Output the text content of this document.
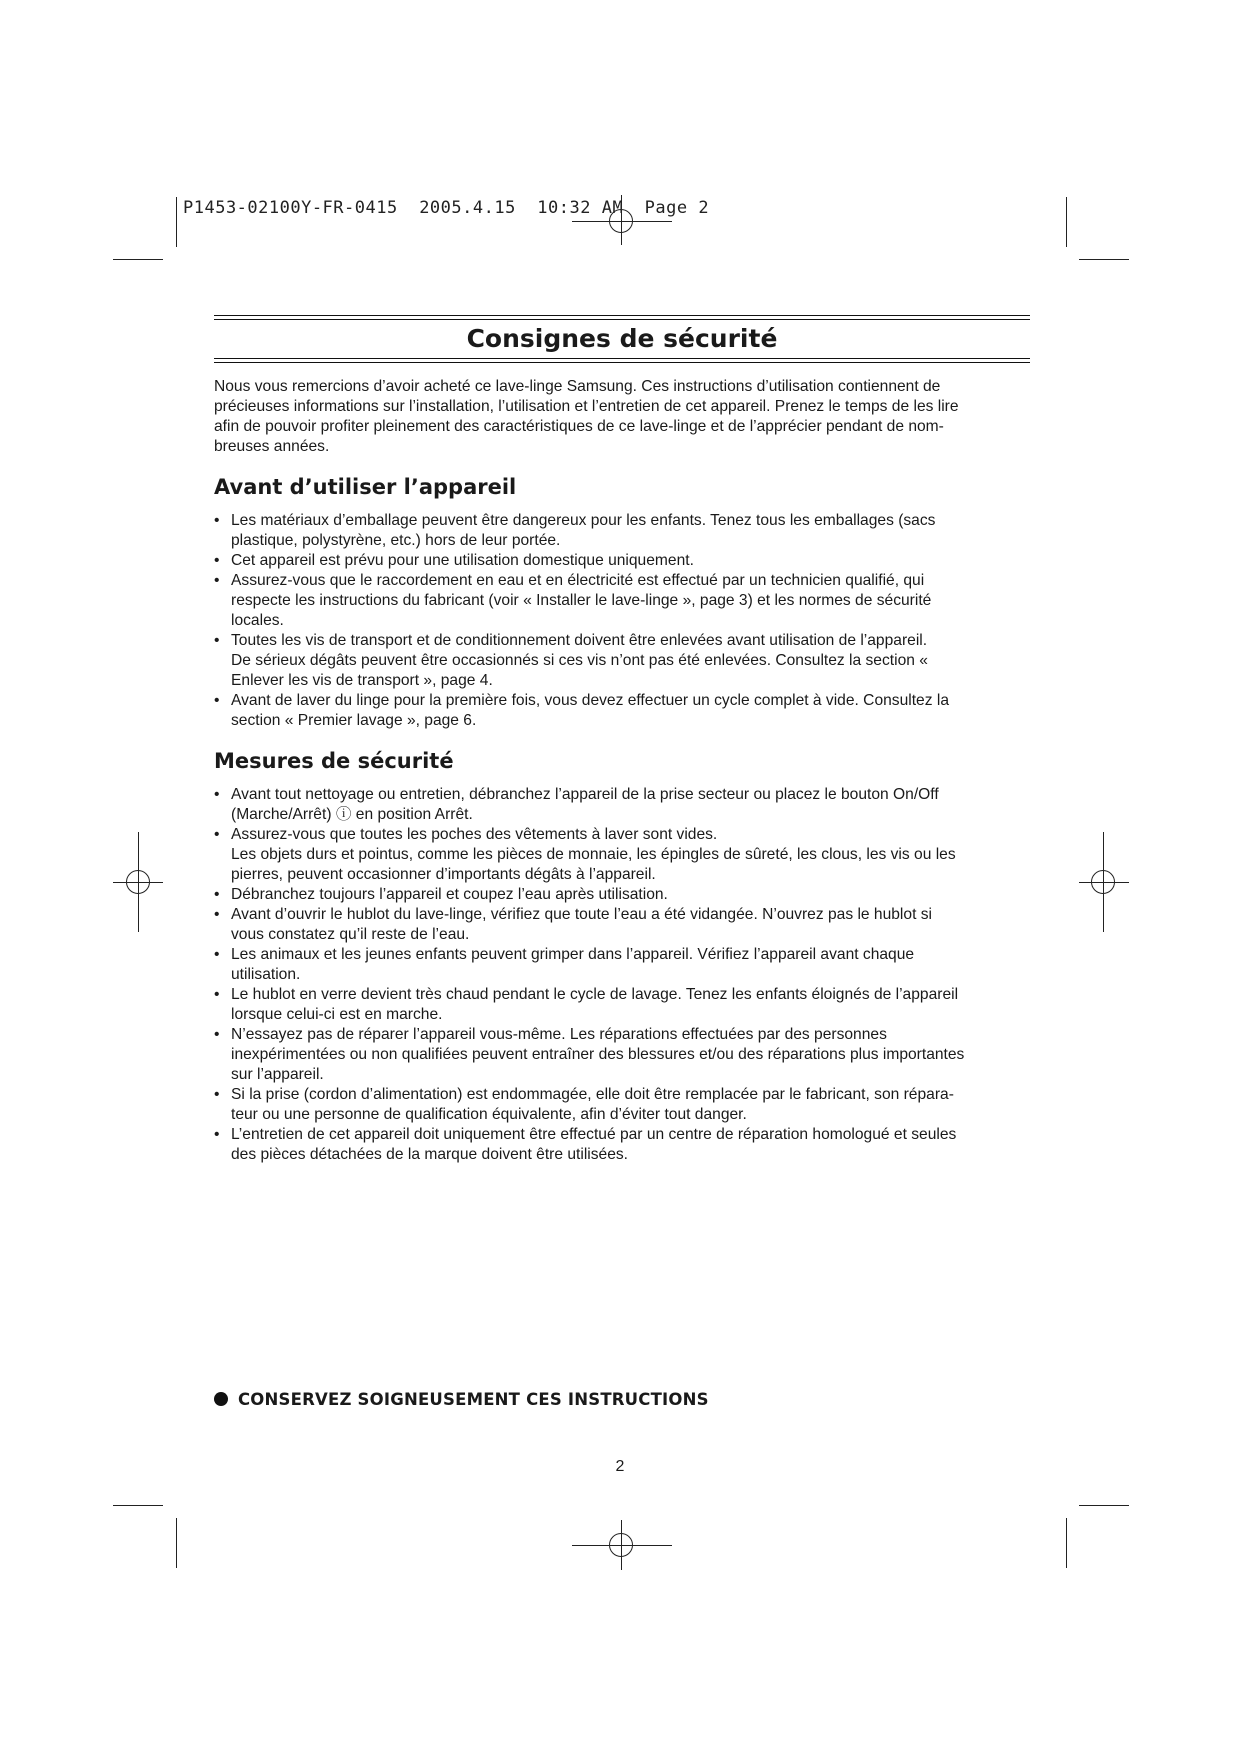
P1453-02100Y-FR-0415 2005.4.15 10:32 AM Page 2
Consignes de sécurité

Nous vous remercions d’avoir acheté ce lave-linge Samsung. Ces instructions d’utilisation contiennent de
précieuses informations sur l’installation, l’utilisation et l’entretien de cet appareil. Prenez le temps de les lire
afin de pouvoir profiter pleinement des caractéristiques de ce lave-linge et de l’apprécier pendant de nom-
breuses années.

Avant d’utiliser l’appareil
• Les matériaux d’emballage peuvent être dangereux pour les enfants. Tenez tous les emballages (sacs
plastique, polystyrène, etc.) hors de leur portée.
• Cet appareil est prévu pour une utilisation domestique uniquement.
• Assurez-vous que le raccordement en eau et en électricité est effectué par un technicien qualifié, qui
respecte les instructions du fabricant (voir « Installer le lave-linge », page 3) et les normes de sécurité
locales.
• Toutes les vis de transport et de conditionnement doivent être enlevées avant utilisation de l’appareil.
De sérieux dégâts peuvent être occasionnés si ces vis n’ont pas été enlevées. Consultez la section «
Enlever les vis de transport », page 4.
• Avant de laver du linge pour la première fois, vous devez effectuer un cycle complet à vide. Consultez la
section « Premier lavage », page 6.
Mesures de sécurité
• Avant tout nettoyage ou entretien, débranchez l’appareil de la prise secteur ou placez le bouton On/Off
(Marche/Arrêt) ⓘ en position Arrêt.
• Assurez-vous que toutes les poches des vêtements à laver sont vides.
Les objets durs et pointus, comme les pièces de monnaie, les épingles de sûreté, les clous, les vis ou les
pierres, peuvent occasionner d’importants dégâts à l’appareil.
• Débranchez toujours l’appareil et coupez l’eau après utilisation.
• Avant d’ouvrir le hublot du lave-linge, vérifiez que toute l’eau a été vidangée. N’ouvrez pas le hublot si
vous constatez qu’il reste de l’eau.
• Les animaux et les jeunes enfants peuvent grimper dans l’appareil. Vérifiez l’appareil avant chaque
utilisation.
• Le hublot en verre devient très chaud pendant le cycle de lavage. Tenez les enfants éloignés de l’appareil
lorsque celui-ci est en marche.
• N’essayez pas de réparer l’appareil vous-même. Les réparations effectuées par des personnes
inexpérimentées ou non qualifiées peuvent entraîner des blessures et/ou des réparations plus importantes
sur l’appareil.
• Si la prise (cordon d’alimentation) est endommagée, elle doit être remplacée par le fabricant, son répara-
teur ou une personne de qualification équivalente, afin d’éviter tout danger.
• L’entretien de cet appareil doit uniquement être effectué par un centre de réparation homologué et seules
des pièces détachées de la marque doivent être utilisées.
CONSERVEZ SOIGNEUSEMENT CES INSTRUCTIONS
2
